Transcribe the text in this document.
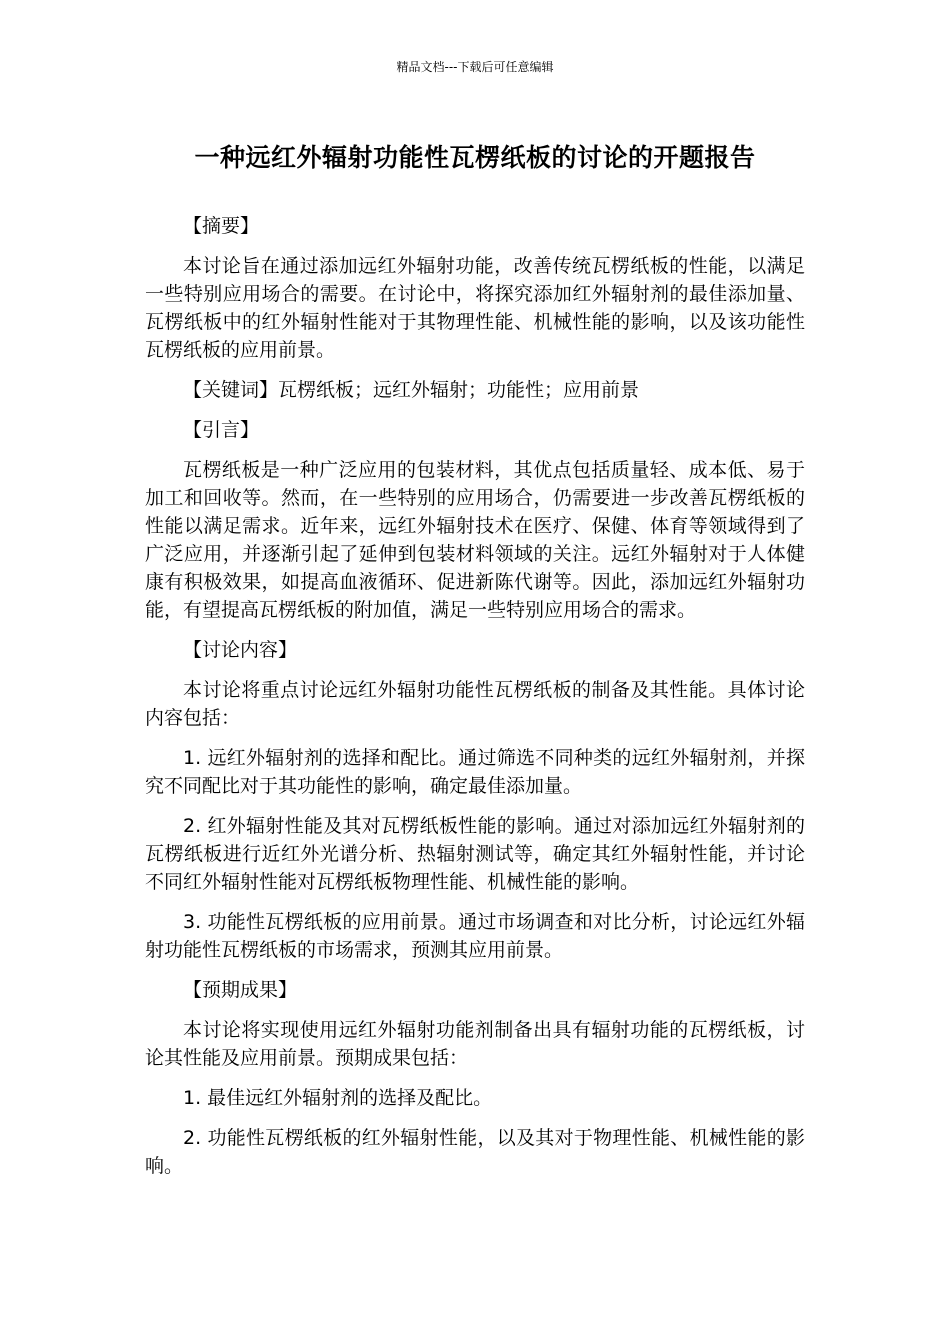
精品文档---下载后可任意编辑
一种远红外辐射功能性瓦楞纸板的讨论的开题报告

【摘要】

本讨论旨在通过添加远红外辐射功能，改善传统瓦楞纸板的性能，以满足一些特别应用场合的需要。在讨论中，将探究添加红外辐射剂的最佳添加量、瓦楞纸板中的红外辐射性能对于其物理性能、机械性能的影响，以及该功能性瓦楞纸板的应用前景。

【关键词】瓦楞纸板；远红外辐射；功能性；应用前景

【引言】

瓦楞纸板是一种广泛应用的包装材料，其优点包括质量轻、成本低、易于加工和回收等。然而，在一些特别的应用场合，仍需要进一步改善瓦楞纸板的性能以满足需求。近年来，远红外辐射技术在医疗、保健、体育等领域得到了广泛应用，并逐渐引起了延伸到包装材料领域的关注。远红外辐射对于人体健康有积极效果，如提高血液循环、促进新陈代谢等。因此，添加远红外辐射功能，有望提高瓦楞纸板的附加值，满足一些特别应用场合的需求。

【讨论内容】

本讨论将重点讨论远红外辐射功能性瓦楞纸板的制备及其性能。具体讨论内容包括：

1. 远红外辐射剂的选择和配比。通过筛选不同种类的远红外辐射剂，并探究不同配比对于其功能性的影响，确定最佳添加量。

2. 红外辐射性能及其对瓦楞纸板性能的影响。通过对添加远红外辐射剂的瓦楞纸板进行近红外光谱分析、热辐射测试等，确定其红外辐射性能，并讨论不同红外辐射性能对瓦楞纸板物理性能、机械性能的影响。

3. 功能性瓦楞纸板的应用前景。通过市场调查和对比分析，讨论远红外辐射功能性瓦楞纸板的市场需求，预测其应用前景。

【预期成果】

本讨论将实现使用远红外辐射功能剂制备出具有辐射功能的瓦楞纸板，讨论其性能及应用前景。预期成果包括：

1. 最佳远红外辐射剂的选择及配比。

2. 功能性瓦楞纸板的红外辐射性能，以及其对于物理性能、机械性能的影响。
